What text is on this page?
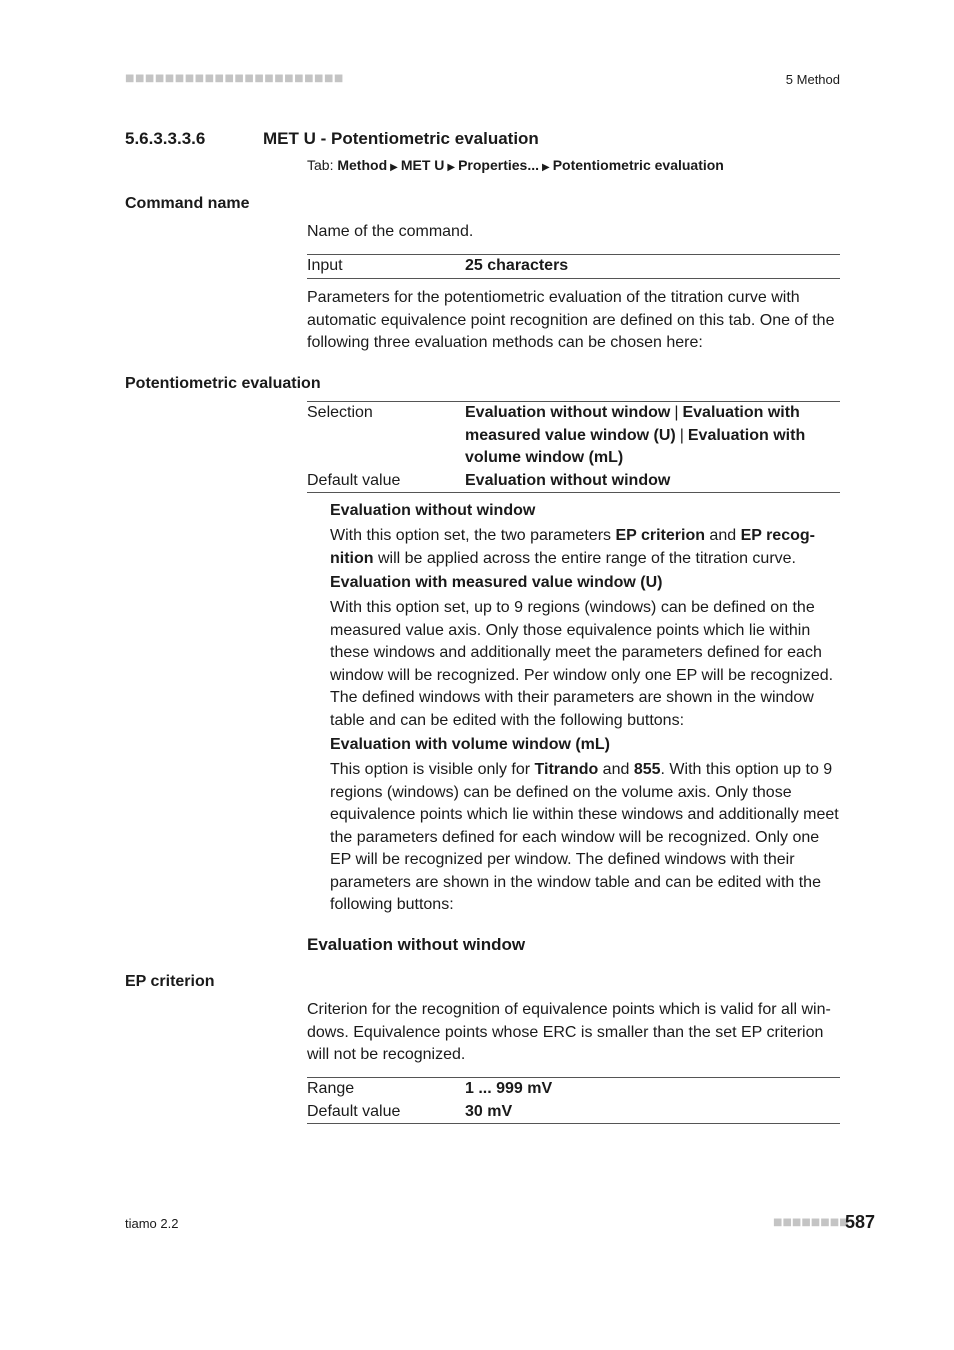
■■■■■■■■■■■■■■■■■■■■■■	5 Method
5.6.3.3.3.6	MET U - Potentiometric evaluation
Tab: Method ▶ MET U ▶ Properties... ▶ Potentiometric evaluation
Command name
Name of the command.
Input	25 characters
Parameters for the potentiometric evaluation of the titration curve with automatic equivalence point recognition are defined on this tab. One of the following three evaluation methods can be chosen here:
Potentiometric evaluation
Selection	Evaluation without window | Evaluation with measured value window (U) | Evaluation with volume window (mL)
Default value	Evaluation without window
Evaluation without window
With this option set, the two parameters EP criterion and EP recog-nition will be applied across the entire range of the titration curve.
Evaluation with measured value window (U)
With this option set, up to 9 regions (windows) can be defined on the measured value axis. Only those equivalence points which lie within these windows and additionally meet the parameters defined for each window will be recognized. Per window only one EP will be recognized. The defined windows with their parameters are shown in the window table and can be edited with the following buttons:
Evaluation with volume window (mL)
This option is visible only for Titrando and 855. With this option up to 9 regions (windows) can be defined on the volume axis. Only those equivalence points which lie within these windows and additionally meet the parameters defined for each window will be recognized. Only one EP will be recognized per window. The defined windows with their parameters are shown in the window table and can be edited with the following buttons:
Evaluation without window
EP criterion
Criterion for the recognition of equivalence points which is valid for all win-dows. Equivalence points whose ERC is smaller than the set EP criterion will not be recognized.
Range	1 ... 999 mV
Default value	30 mV
tiamo 2.2	■■■■■■■■
587
